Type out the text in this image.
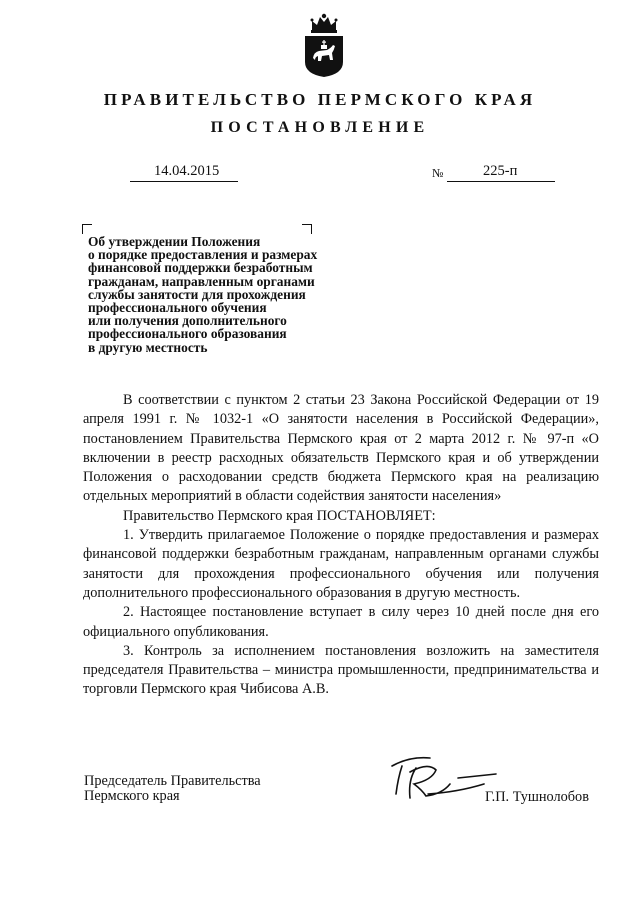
ПРАВИТЕЛЬСТВО ПЕРМСКОГО КРАЯ
ПОСТАНОВЛЕНИЕ
14.04.2015	№	225-п
Об утверждении Положения
о порядке предоставления и размерах
финансовой поддержки безработным
гражданам, направленным органами
службы занятости для прохождения
профессионального обучения
или получения дополнительного
профессионального образования
в другую местность

В соответствии с пунктом 2 статьи 23 Закона Российской Федерации от 19 апреля 1991 г. № 1032-1 «О занятости населения в Российской Федерации», постановлением Правительства Пермского края от 2 марта 2012 г. № 97-п «О включении в реестр расходных обязательств Пермского края и об утверждении Положения о расходовании средств бюджета Пермского края на реализацию отдельных мероприятий в области содействия занятости населения»

Правительство Пермского края ПОСТАНОВЛЯЕТ:

1. Утвердить прилагаемое Положение о порядке предоставления и размерах финансовой поддержки безработным гражданам, направленным органами службы занятости для прохождения профессионального обучения или получения дополнительного профессионального образования в другую местность.

2. Настоящее постановление вступает в силу через 10 дней после дня его официального опубликования.

3. Контроль за исполнением постановления возложить на заместителя председателя Правительства – министра промышленности, предпринимательства и торговли Пермского края Чибисова А.В.

Председатель Правительства
Пермского края	Г.П. Тушнолобов
